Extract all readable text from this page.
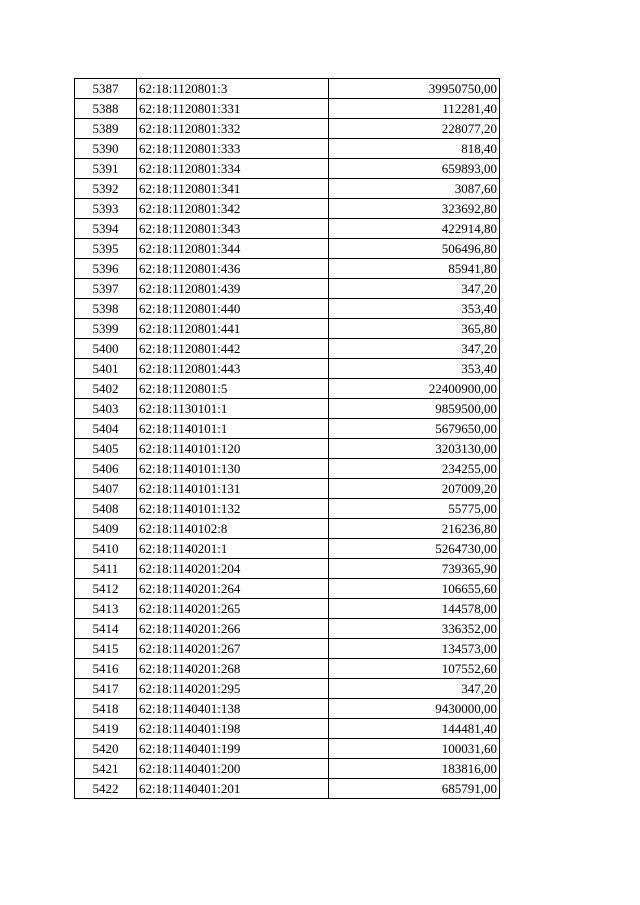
5387	62:18:1120801:3	39950750,00
5388	62:18:1120801:331	112281,40
5389	62:18:1120801:332	228077,20
5390	62:18:1120801:333	818,40
5391	62:18:1120801:334	659893,00
5392	62:18:1120801:341	3087,60
5393	62:18:1120801:342	323692,80
5394	62:18:1120801:343	422914,80
5395	62:18:1120801:344	506496,80
5396	62:18:1120801:436	85941,80
5397	62:18:1120801:439	347,20
5398	62:18:1120801:440	353,40
5399	62:18:1120801:441	365,80
5400	62:18:1120801:442	347,20
5401	62:18:1120801:443	353,40
5402	62:18:1120801:5	22400900,00
5403	62:18:1130101:1	9859500,00
5404	62:18:1140101:1	5679650,00
5405	62:18:1140101:120	3203130,00
5406	62:18:1140101:130	234255,00
5407	62:18:1140101:131	207009,20
5408	62:18:1140101:132	55775,00
5409	62:18:1140102:8	216236,80
5410	62:18:1140201:1	5264730,00
5411	62:18:1140201:204	739365,90
5412	62:18:1140201:264	106655,60
5413	62:18:1140201:265	144578,00
5414	62:18:1140201:266	336352,00
5415	62:18:1140201:267	134573,00
5416	62:18:1140201:268	107552,60
5417	62:18:1140201:295	347,20
5418	62:18:1140401:138	9430000,00
5419	62:18:1140401:198	144481,40
5420	62:18:1140401:199	100031,60
5421	62:18:1140401:200	183816,00
5422	62:18:1140401:201	685791,00
